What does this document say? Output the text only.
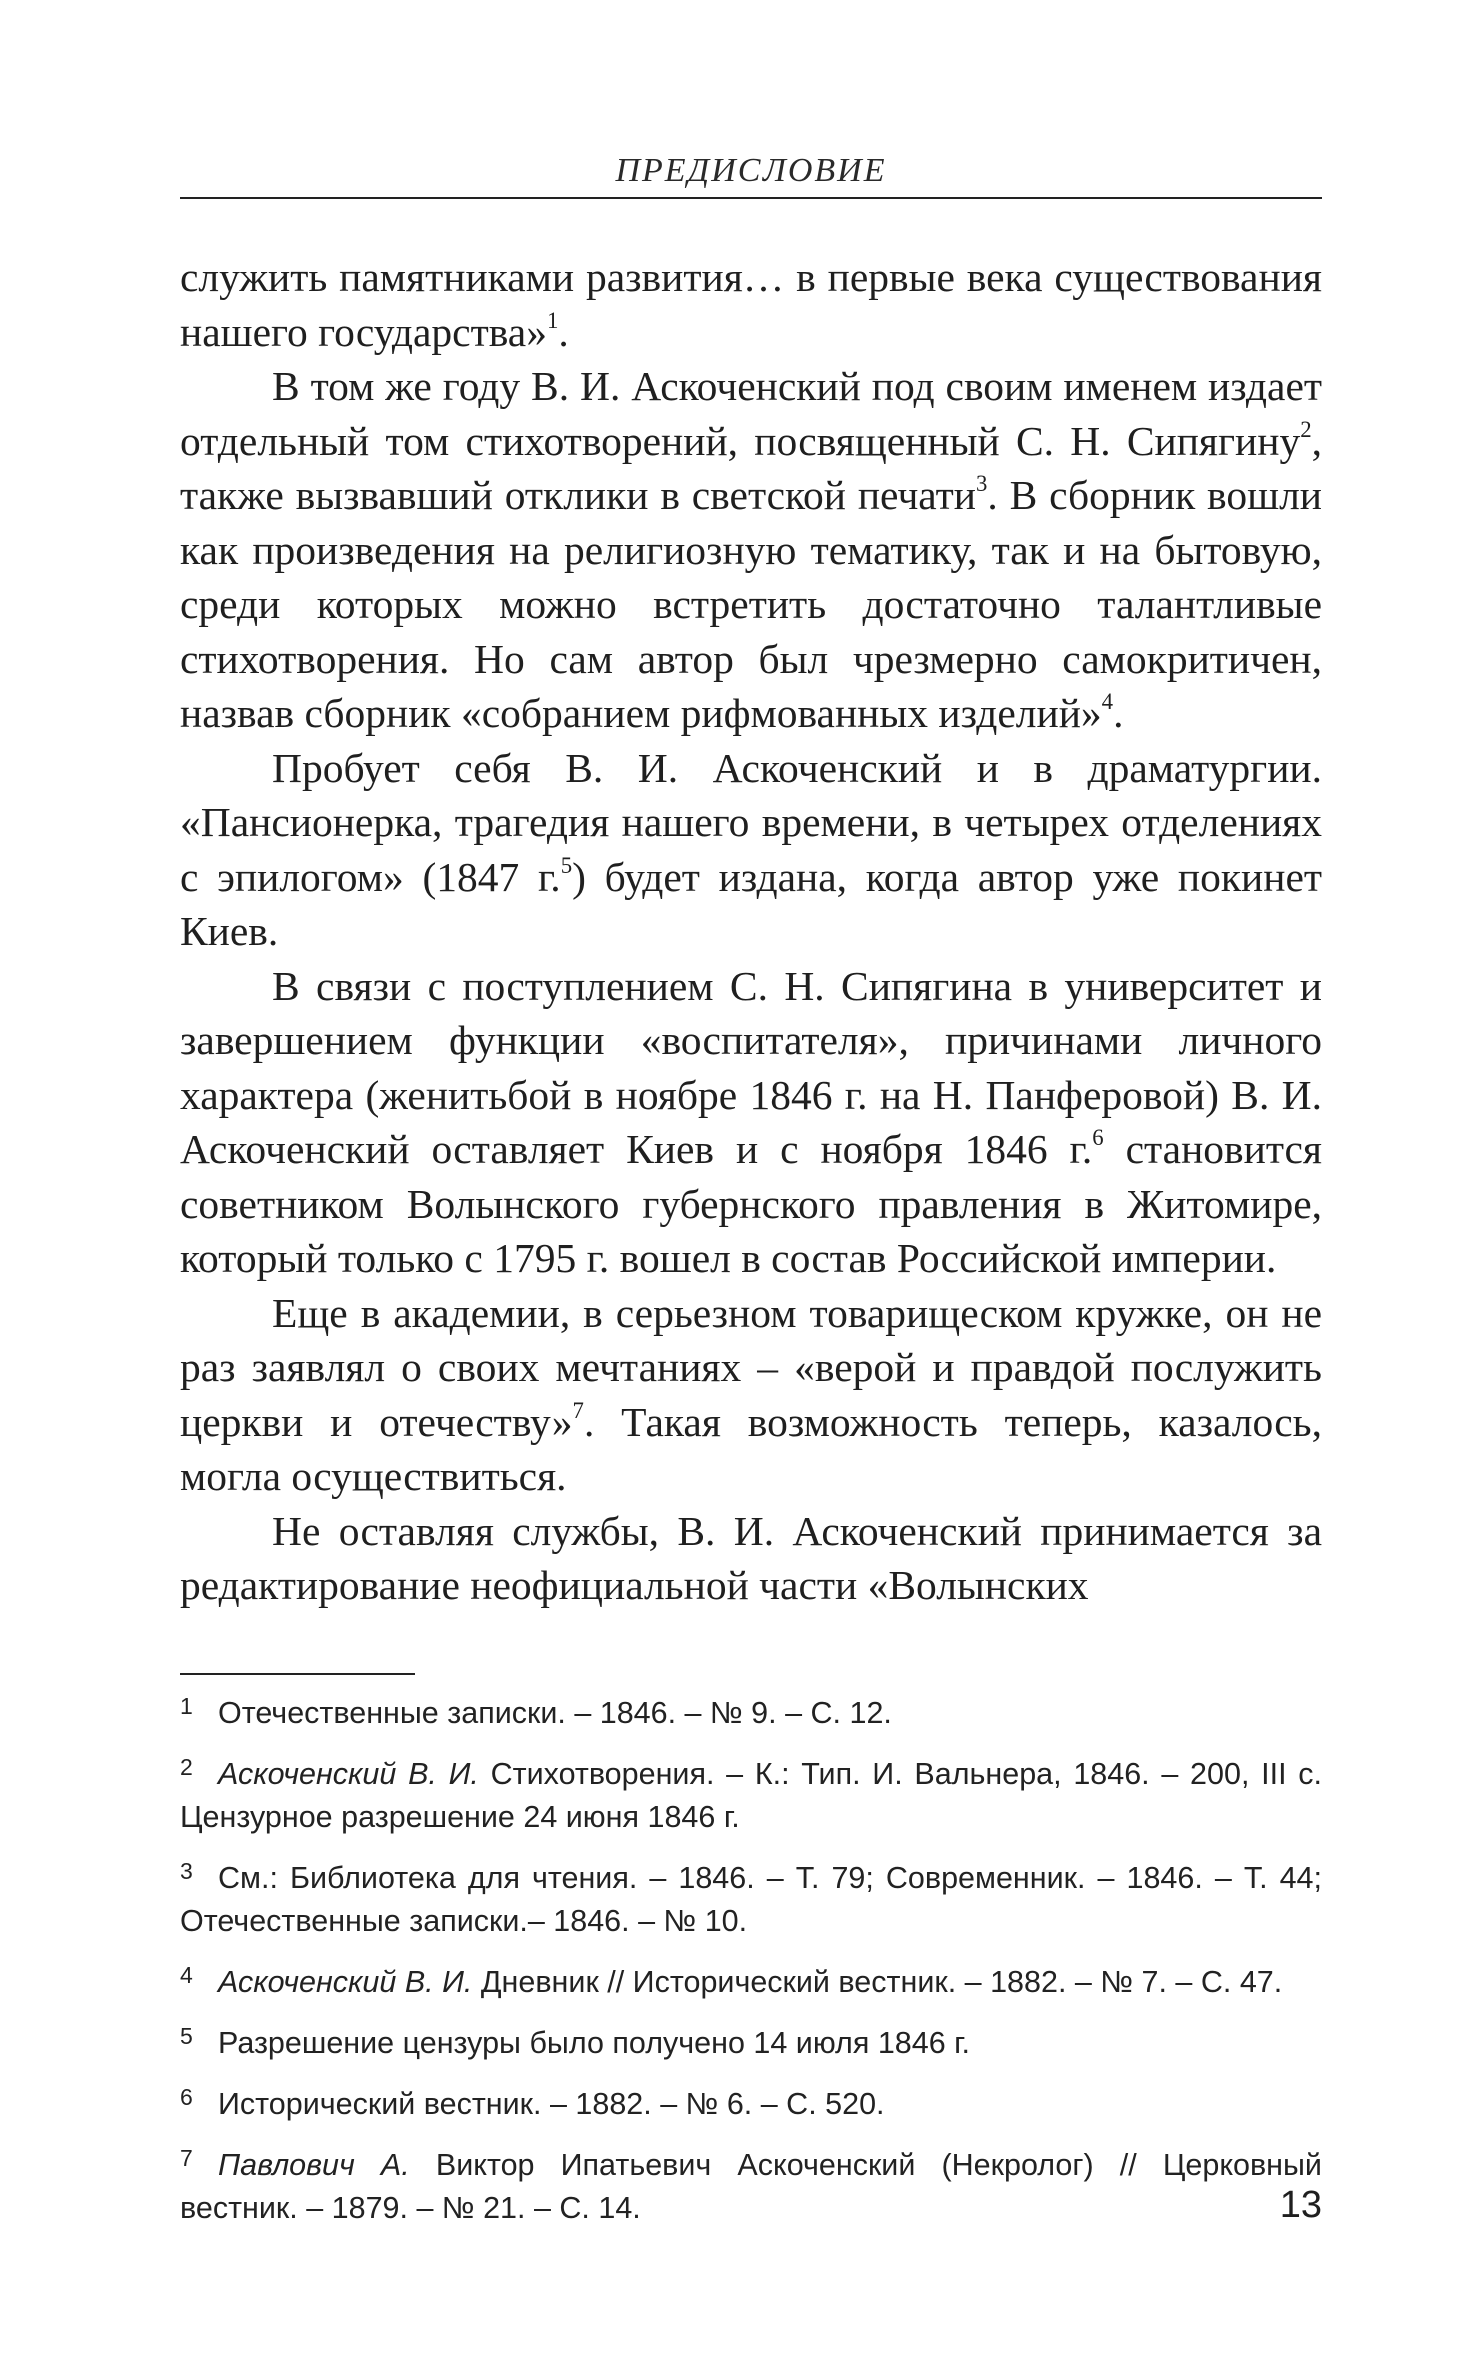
ПРЕДИСЛОВИЕ

служить памятниками развития… в первые века существования нашего государства»$^1$.

В том же году В. И. Аскоченский под своим именем издает отдельный том стихотворений, посвященный С. Н. Сипягину$^2$, также вызвавший отклики в светской печати$^3$. В сборник вошли как произведения на религиозную тематику, так и на бытовую, среди которых можно встретить достаточно талантливые стихотворения. Но сам автор был чрезмерно самокритичен, назвав сборник «собранием рифмованных изделий»$^4$.

Пробует себя В. И. Аскоченский и в драматургии. «Пансионерка, трагедия нашего времени, в четырех отделениях с эпилогом» (1847 г.$^5$) будет издана, когда автор уже покинет Киев.

В связи с поступлением С. Н. Сипягина в университет и завершением функции «воспитателя», причинами личного характера (женитьбой в ноябре 1846 г. на Н. Панферовой) В. И. Аскоченский оставляет Киев и с ноября 1846 г.$^6$ становится советником Волынского губернского правления в Житомире, который только с 1795 г. вошел в состав Российской империи.

Еще в академии, в серьезном товарищеском кружке, он не раз заявлял о своих мечтаниях – «верой и правдой послужить церкви и отечеству»$^7$. Такая возможность теперь, казалось, могла осуществиться.

Не оставляя службы, В. И. Аскоченский принимается за редактирование неофициальной части «Волынских

1 Отечественные записки. – 1846. – № 9. – С. 12.
2 Аскоченский В. И. Стихотворения. – К.: Тип. И. Вальнера, 1846. – 200, III с. Цензурное разрешение 24 июня 1846 г.
3 См.: Библиотека для чтения. – 1846. – Т. 79; Современник. – 1846. – Т. 44; Отечественные записки.– 1846. – № 10.
4 Аскоченский В. И. Дневник // Исторический вестник. – 1882. – № 7. – С. 47.
5 Разрешение цензуры было получено 14 июля 1846 г.
6 Исторический вестник. – 1882. – № 6. – С. 520.
7 Павлович А. Виктор Ипатьевич Аскоченский (Некролог) // Церковный вестник. – 1879. – № 21. – С. 14.	13
